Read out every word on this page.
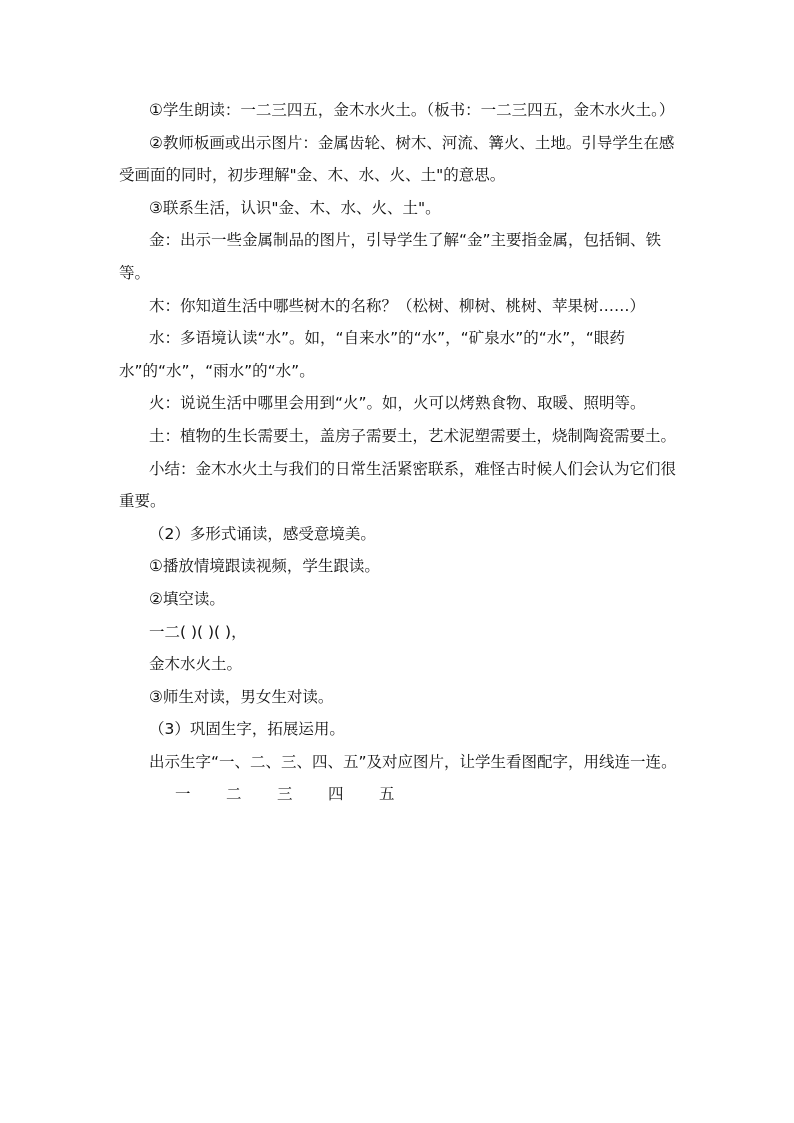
①学生朗读：一二三四五，金木水火土。（板书：一二三四五，金木水火土。）

②教师板画或出示图片：金属齿轮、树木、河流、篝火、土地。引导学生在感受画面的同时，初步理解"金、木、水、火、土"的意思。

③联系生活，认识"金、木、水、火、土"。

金：出示一些金属制品的图片，引导学生了解“金”主要指金属，包括铜、铁等。

木：你知道生活中哪些树木的名称？（松树、柳树、桃树、苹果树……）

水：多语境认读“水”。如，“自来水”的“水”，“矿泉水”的“水”，“眼药水”的“水”，“雨水”的“水”。

火：说说生活中哪里会用到“火”。如，火可以烤熟食物、取暖、照明等。

土：植物的生长需要土，盖房子需要土，艺术泥塑需要土，烧制陶瓷需要土。

小结：金木水火土与我们的日常生活紧密联系，难怪古时候人们会认为它们很重要。

（2）多形式诵读，感受意境美。

①播放情境跟读视频，学生跟读。

②填空读。

一二( )( )( )，

金木水火土。

③师生对读，男女生对读。

（3）巩固生字，拓展运用。

出示生字“一、二、三、四、五”及对应图片，让学生看图配字，用线连一连。

一	二	三	四	五
